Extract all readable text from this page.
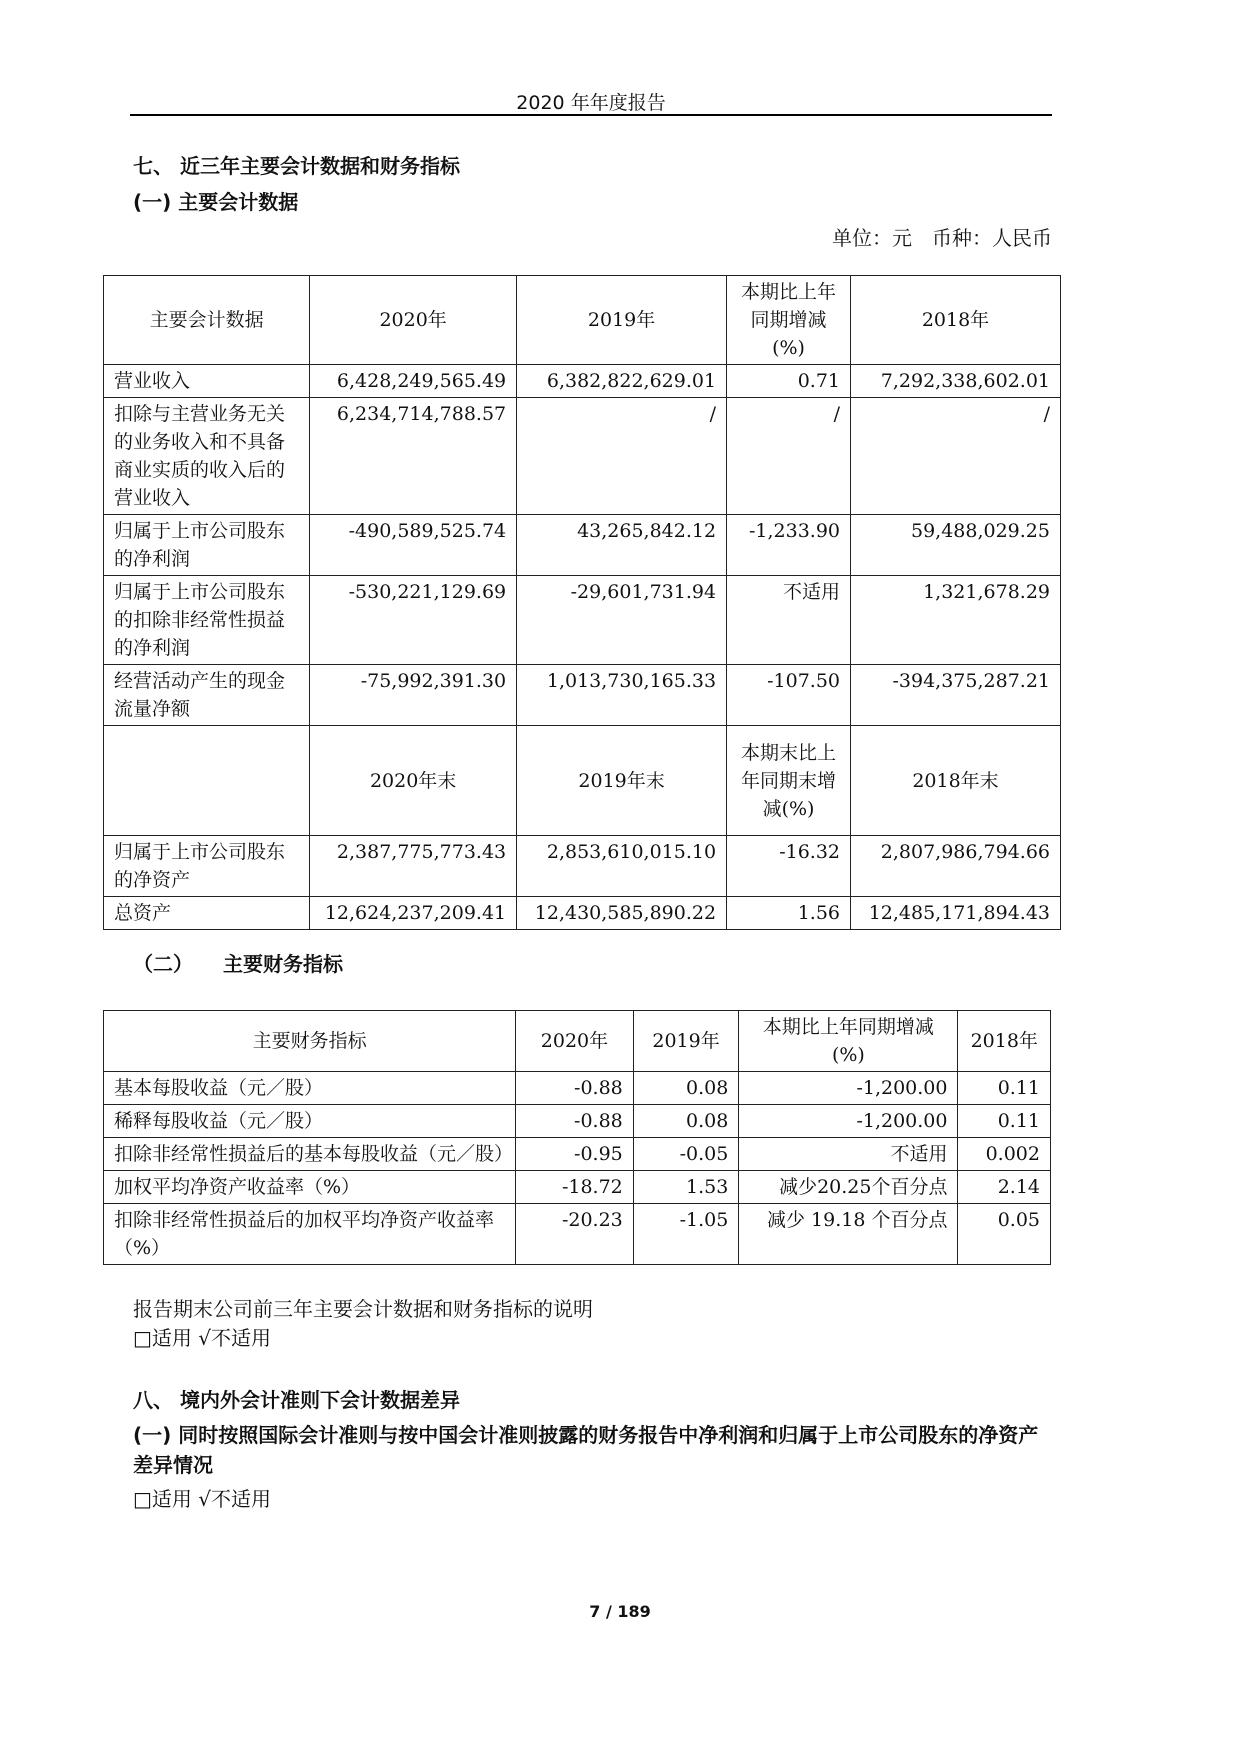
2020 年年度报告
七、 近三年主要会计数据和财务指标
(一) 主要会计数据
单位：元　币种：人民币
主要会计数据	2020年	2019年	本期比上年同期增减(%)	2018年
营业收入	6,428,249,565.49	6,382,822,629.01	0.71	7,292,338,602.01
扣除与主营业务无关的业务收入和不具备商业实质的收入后的营业收入	6,234,714,788.57	/	/	/
归属于上市公司股东的净利润	-490,589,525.74	43,265,842.12	-1,233.90	59,488,029.25
归属于上市公司股东的扣除非经常性损益的净利润	-530,221,129.69	-29,601,731.94	不适用	1,321,678.29
经营活动产生的现金流量净额	-75,992,391.30	1,013,730,165.33	-107.50	-394,375,287.21
	2020年末	2019年末	本期末比上年同期末增减(%)	2018年末
归属于上市公司股东的净资产	2,387,775,773.43	2,853,610,015.10	-16.32	2,807,986,794.66
总资产	12,624,237,209.41	12,430,585,890.22	1.56	12,485,171,894.43
（二）　　主要财务指标
主要财务指标	2020年	2019年	本期比上年同期增减(%)	2018年
基本每股收益（元／股）	-0.88	0.08	-1,200.00	0.11
稀释每股收益（元／股）	-0.88	0.08	-1,200.00	0.11
扣除非经常性损益后的基本每股收益（元／股）	-0.95	-0.05	不适用	0.002
加权平均净资产收益率（%）	-18.72	1.53	减少20.25个百分点	2.14
扣除非经常性损益后的加权平均净资产收益率（%）	-20.23	-1.05	减少 19.18 个百分点	0.05
报告期末公司前三年主要会计数据和财务指标的说明
□适用 √不适用
八、 境内外会计准则下会计数据差异
(一) 同时按照国际会计准则与按中国会计准则披露的财务报告中净利润和归属于上市公司股东的净资产差异情况
□适用 √不适用
7 / 189
